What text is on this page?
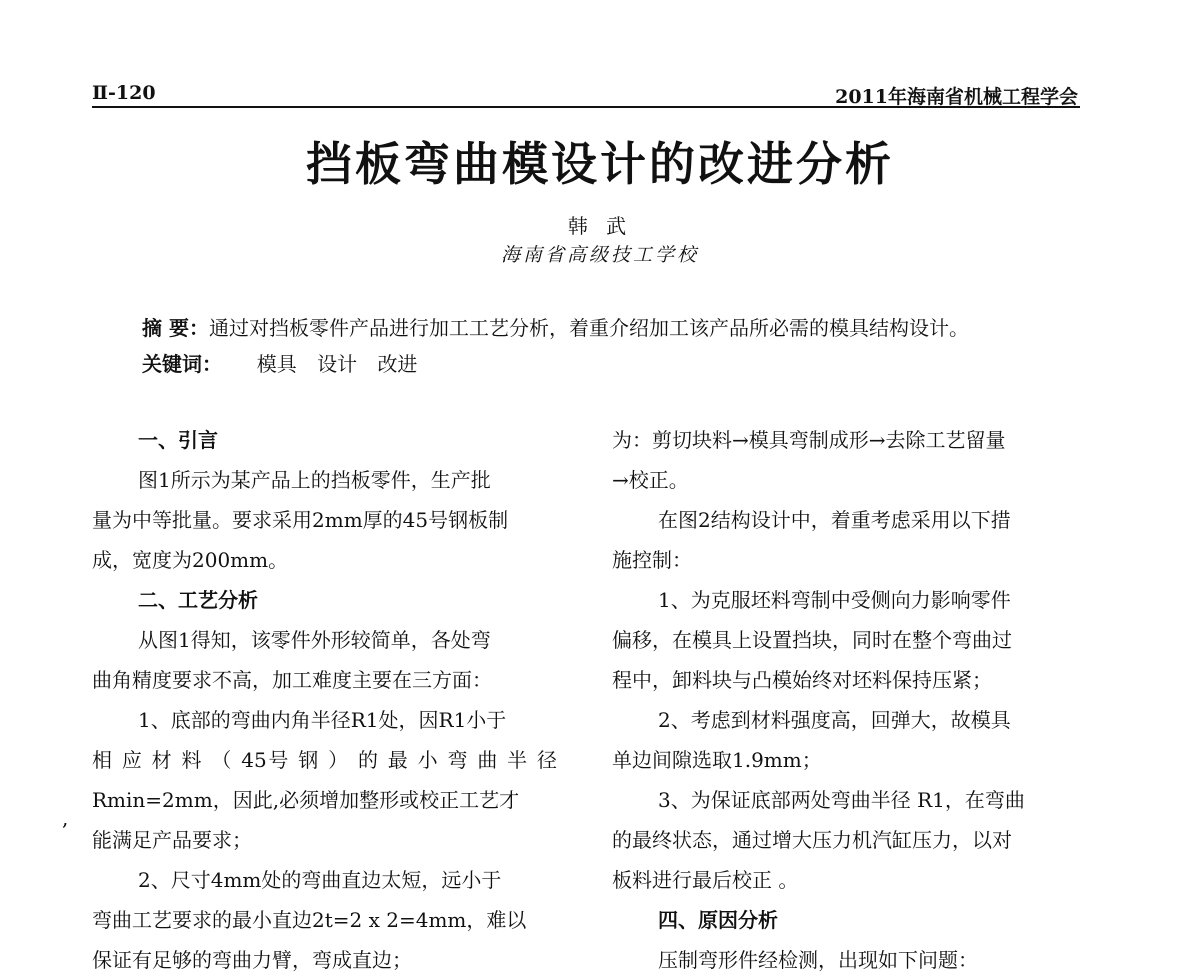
Ⅱ-120	2011年海南省机械工程学会
挡板弯曲模设计的改进分析
韩 武
海南省高级技工学校
摘 要：通过对挡板零件产品进行加工工艺分析，着重介绍加工该产品所必需的模具结构设计。
关键词： 模具 设计 改进
一、引言
图1所示为某产品上的挡板零件，生产批
量为中等批量。要求采用2mm厚的45号钢板制
成，宽度为200mm。
二、工艺分析
从图1得知，该零件外形较简单，各处弯
曲角精度要求不高，加工难度主要在三方面：
1、底部的弯曲内角半径R1处，因R1小于
相 应 材 料 （ 45号 钢 ） 的 最 小 弯 曲 半 径
Rmin=2mm，因此,必须增加整形或校正工艺才
能满足产品要求；
2、尺寸4mm处的弯曲直边太短，远小于
弯曲工艺要求的最小直边2t=2 x 2=4mm，难以
保证有足够的弯曲力臂，弯成直边；
为：剪切块料→模具弯制成形→去除工艺留量
→校正。
在图2结构设计中，着重考虑采用以下措
施控制：
1、为克服坯料弯制中受侧向力影响零件
偏移，在模具上设置挡块，同时在整个弯曲过
程中，卸料块与凸模始终对坯料保持压紧；
2、考虑到材料强度高，回弹大，故模具
单边间隙选取1.9mm；
3、为保证底部两处弯曲半径 R1，在弯曲
的最终状态，通过增大压力机汽缸压力，以对
板料进行最后校正 。
四、原因分析
压制弯形件经检测，出现如下问题：
,
